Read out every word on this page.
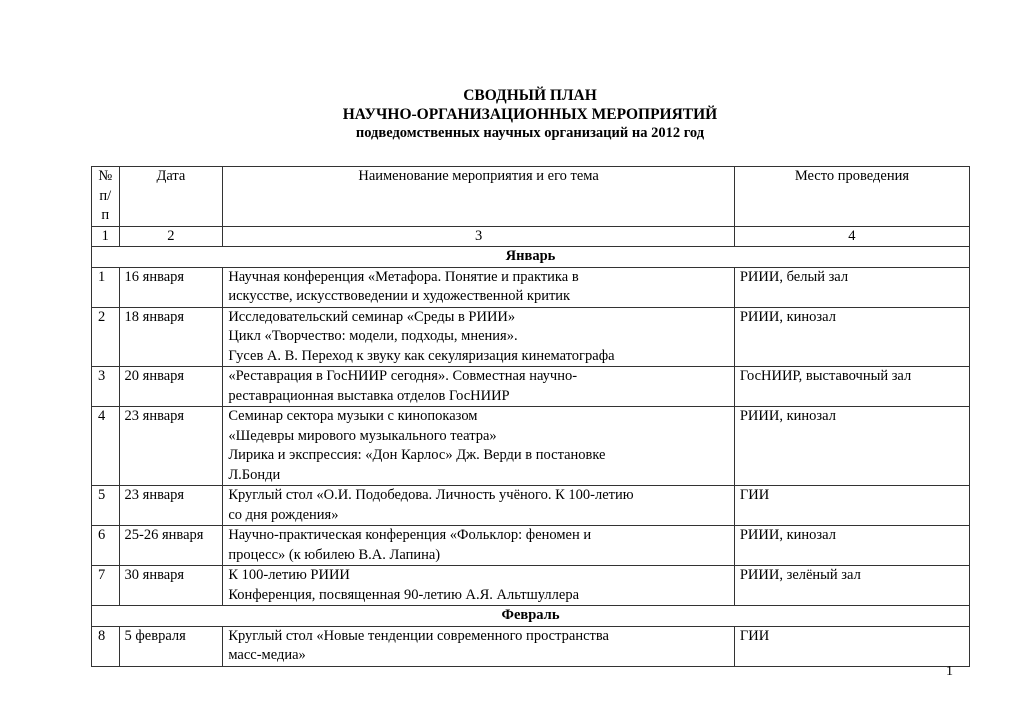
СВОДНЫЙ ПЛАН
НАУЧНО-ОРГАНИЗАЦИОННЫХ МЕРОПРИЯТИЙ
подведомственных научных организаций на 2012 год
№ п/п	Дата	Наименование мероприятия и его тема	Место проведения
1	2	3	4
Январь			
1	16 января	Научная конференция «Метафора. Понятие и практика в
искусстве, искусствоведении и художественной критик	РИИИ, белый зал
2	18 января	Исследовательский семинар «Среды в РИИИ»
Цикл «Творчество: модели, подходы, мнения».
Гусев А. В. Переход к звуку как секуляризация кинематографа	РИИИ, кинозал
3	20 января	«Реставрация в ГосНИИР сегодня». Совместная научно-
реставрационная выставка отделов ГосНИИР	ГосНИИР, выставочный зал
4	23 января	Семинар сектора музыки с кинопоказом
«Шедевры мирового музыкального театра»
Лирика и экспрессия: «Дон Карлос» Дж. Верди в постановке
Л.Бонди	РИИИ, кинозал
5	23 января	Круглый стол «О.И. Подобедова. Личность учёного. К 100-летию
со дня рождения»	ГИИ
6	25-26 января	Научно-практическая конференция «Фольклор: феномен и
процесс» (к юбилею В.А. Лапина)	РИИИ, кинозал
7	30 января	К 100-летию РИИИ
Конференция, посвященная 90-летию А.Я. Альтшуллера	РИИИ, зелёный зал
Февраль			
8	5 февраля	Круглый стол «Новые тенденции современного пространства
масс-медиа»	ГИИ
1
